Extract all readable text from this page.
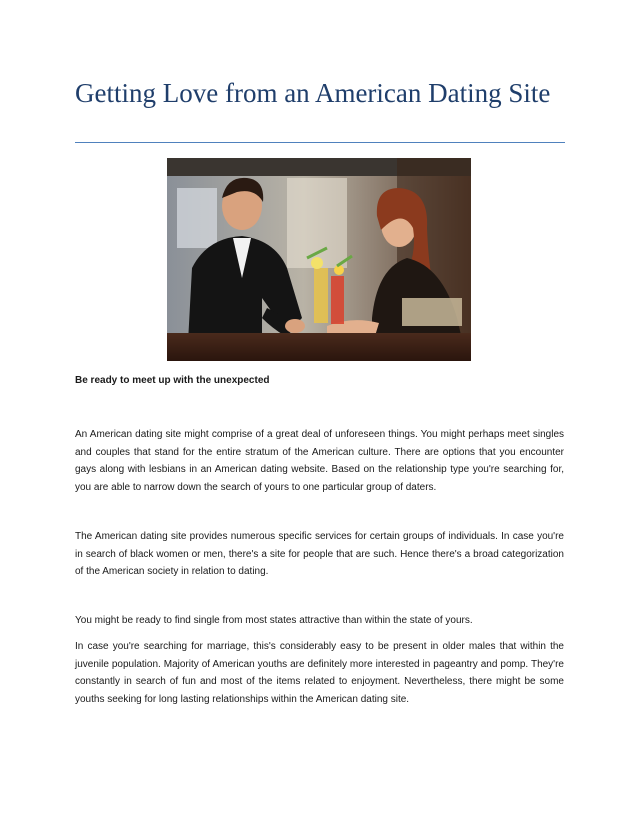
Getting Love from an American Dating Site

Be ready to meet up with the unexpected

An American dating site might comprise of a great deal of unforeseen things. You might perhaps meet singles and couples that stand for the entire stratum of the American culture. There are options that you encounter gays along with lesbians in an American dating website. Based on the relationship type you're searching for, you are able to narrow down the search of yours to one particular group of daters.

The American dating site provides numerous specific services for certain groups of individuals. In case you're in search of black women or men, there's a site for people that are such. Hence there's a broad categorization of the American society in relation to dating.

You might be ready to find single from most states attractive than within the state of yours.

In case you're searching for marriage, this's considerably easy to be present in older males that within the juvenile population. Majority of American youths are definitely more interested in pageantry and pomp. They're constantly in search of fun and most of the items related to enjoyment. Nevertheless, there might be some youths seeking for long lasting relationships within the American dating site.
